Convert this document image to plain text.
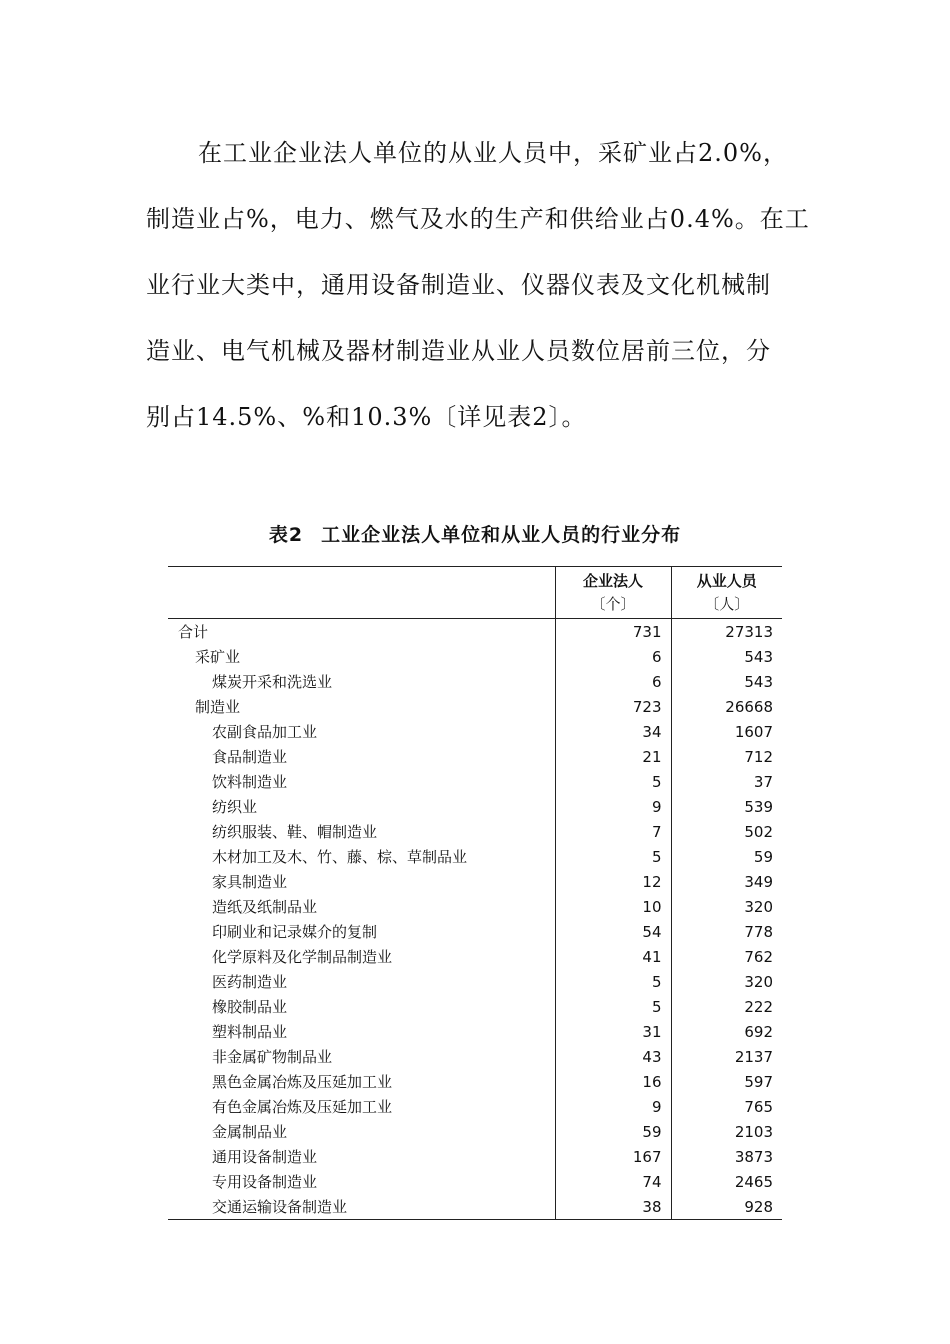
在工业企业法人单位的从业人员中，采矿业占2.0%，
制造业占%，电力、燃气及水的生产和供给业占0.4%。在工
业行业大类中，通用设备制造业、仪器仪表及文化机械制
造业、电气机械及器材制造业从业人员数位居前三位，分
别占14.5%、%和10.3%〔详见表2〕。
表2 工业企业法人单位和从业人员的行业分布
	企业法人	从业人员
	〔个〕	〔人〕
合计	731	27313
采矿业	6	543
煤炭开采和洗选业	6	543
制造业	723	26668
农副食品加工业	34	1607
食品制造业	21	712
饮料制造业	5	37
纺织业	9	539
纺织服装、鞋、帽制造业	7	502
木材加工及木、竹、藤、棕、草制品业	5	59
家具制造业	12	349
造纸及纸制品业	10	320
印刷业和记录媒介的复制	54	778
化学原料及化学制品制造业	41	762
医药制造业	5	320
橡胶制品业	5	222
塑料制品业	31	692
非金属矿物制品业	43	2137
黑色金属冶炼及压延加工业	16	597
有色金属冶炼及压延加工业	9	765
金属制品业	59	2103
通用设备制造业	167	3873
专用设备制造业	74	2465
交通运输设备制造业	38	928
